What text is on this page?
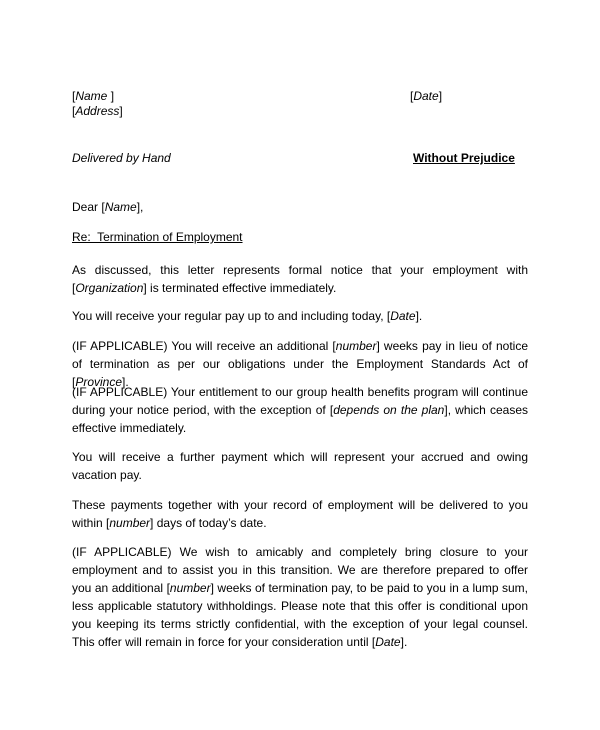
[Name ]	[Date]
[Address]
Delivered by Hand	Without Prejudice
Dear [Name],
Re:  Termination of Employment
As discussed, this letter represents formal notice that your employment with [Organization] is terminated effective immediately.
You will receive your regular pay up to and including today, [Date].
(IF APPLICABLE) You will receive an additional [number] weeks pay in lieu of notice of termination as per our obligations under the Employment Standards Act of [Province].
(IF APPLICABLE) Your entitlement to our group health benefits program will continue during your notice period, with the exception of [depends on the plan], which ceases effective immediately.
You will receive a further payment which will represent your accrued and owing vacation pay.
These payments together with your record of employment will be delivered to you within [number] days of today’s date.
(IF APPLICABLE) We wish to amicably and completely bring closure to your employment and to assist you in this transition. We are therefore prepared to offer you an additional [number] weeks of termination pay, to be paid to you in a lump sum, less applicable statutory withholdings. Please note that this offer is conditional upon you keeping its terms strictly confidential, with the exception of your legal counsel. This offer will remain in force for your consideration until [Date].
